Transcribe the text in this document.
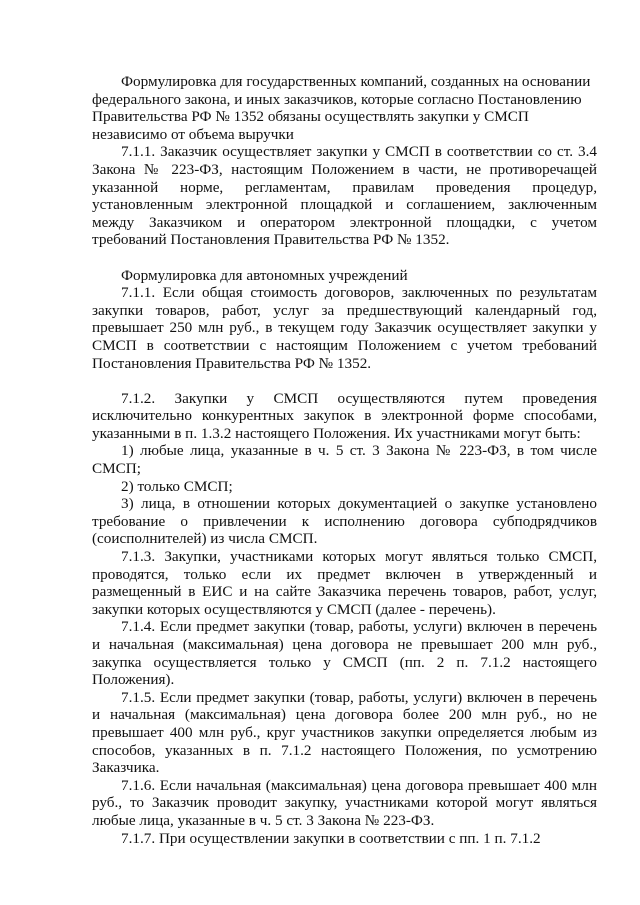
Формулировка для государственных компаний, созданных на основании федерального закона, и иных заказчиков, которые согласно Постановлению Правительства РФ № 1352 обязаны осуществлять закупки у СМСП независимо от объема выручки

7.1.1. Заказчик осуществляет закупки у СМСП в соответствии со ст. 3.4 Закона № 223-ФЗ, настоящим Положением в части, не противоречащей указанной норме, регламентам, правилам проведения процедур, установленным электронной площадкой и соглашением, заключенным между Заказчиком и оператором электронной площадки, с учетом требований Постановления Правительства РФ № 1352.

Формулировка для автономных учреждений

7.1.1. Если общая стоимость договоров, заключенных по результатам закупки товаров, работ, услуг за предшествующий календарный год, превышает 250 млн руб., в текущем году Заказчик осуществляет закупки у СМСП в соответствии с настоящим Положением с учетом требований Постановления Правительства РФ № 1352.

7.1.2. Закупки у СМСП осуществляются путем проведения исключительно конкурентных закупок в электронной форме способами, указанными в п. 1.3.2 настоящего Положения. Их участниками могут быть:

1) любые лица, указанные в ч. 5 ст. 3 Закона № 223-ФЗ, в том числе СМСП;

2) только СМСП;

3) лица, в отношении которых документацией о закупке установлено требование о привлечении к исполнению договора субподрядчиков (соисполнителей) из числа СМСП.

7.1.3. Закупки, участниками которых могут являться только СМСП, проводятся, только если их предмет включен в утвержденный и размещенный в ЕИС и на сайте Заказчика перечень товаров, работ, услуг, закупки которых осуществляются у СМСП (далее - перечень).

7.1.4. Если предмет закупки (товар, работы, услуги) включен в перечень и начальная (максимальная) цена договора не превышает 200 млн руб., закупка осуществляется только у СМСП (пп. 2 п. 7.1.2 настоящего Положения).

7.1.5. Если предмет закупки (товар, работы, услуги) включен в перечень и начальная (максимальная) цена договора более 200 млн руб., но не превышает 400 млн руб., круг участников закупки определяется любым из способов, указанных в п. 7.1.2 настоящего Положения, по усмотрению Заказчика.

7.1.6. Если начальная (максимальная) цена договора превышает 400 млн руб., то Заказчик проводит закупку, участниками которой могут являться любые лица, указанные в ч. 5 ст. 3 Закона № 223-ФЗ.

7.1.7. При осуществлении закупки в соответствии с пп. 1 п. 7.1.2
